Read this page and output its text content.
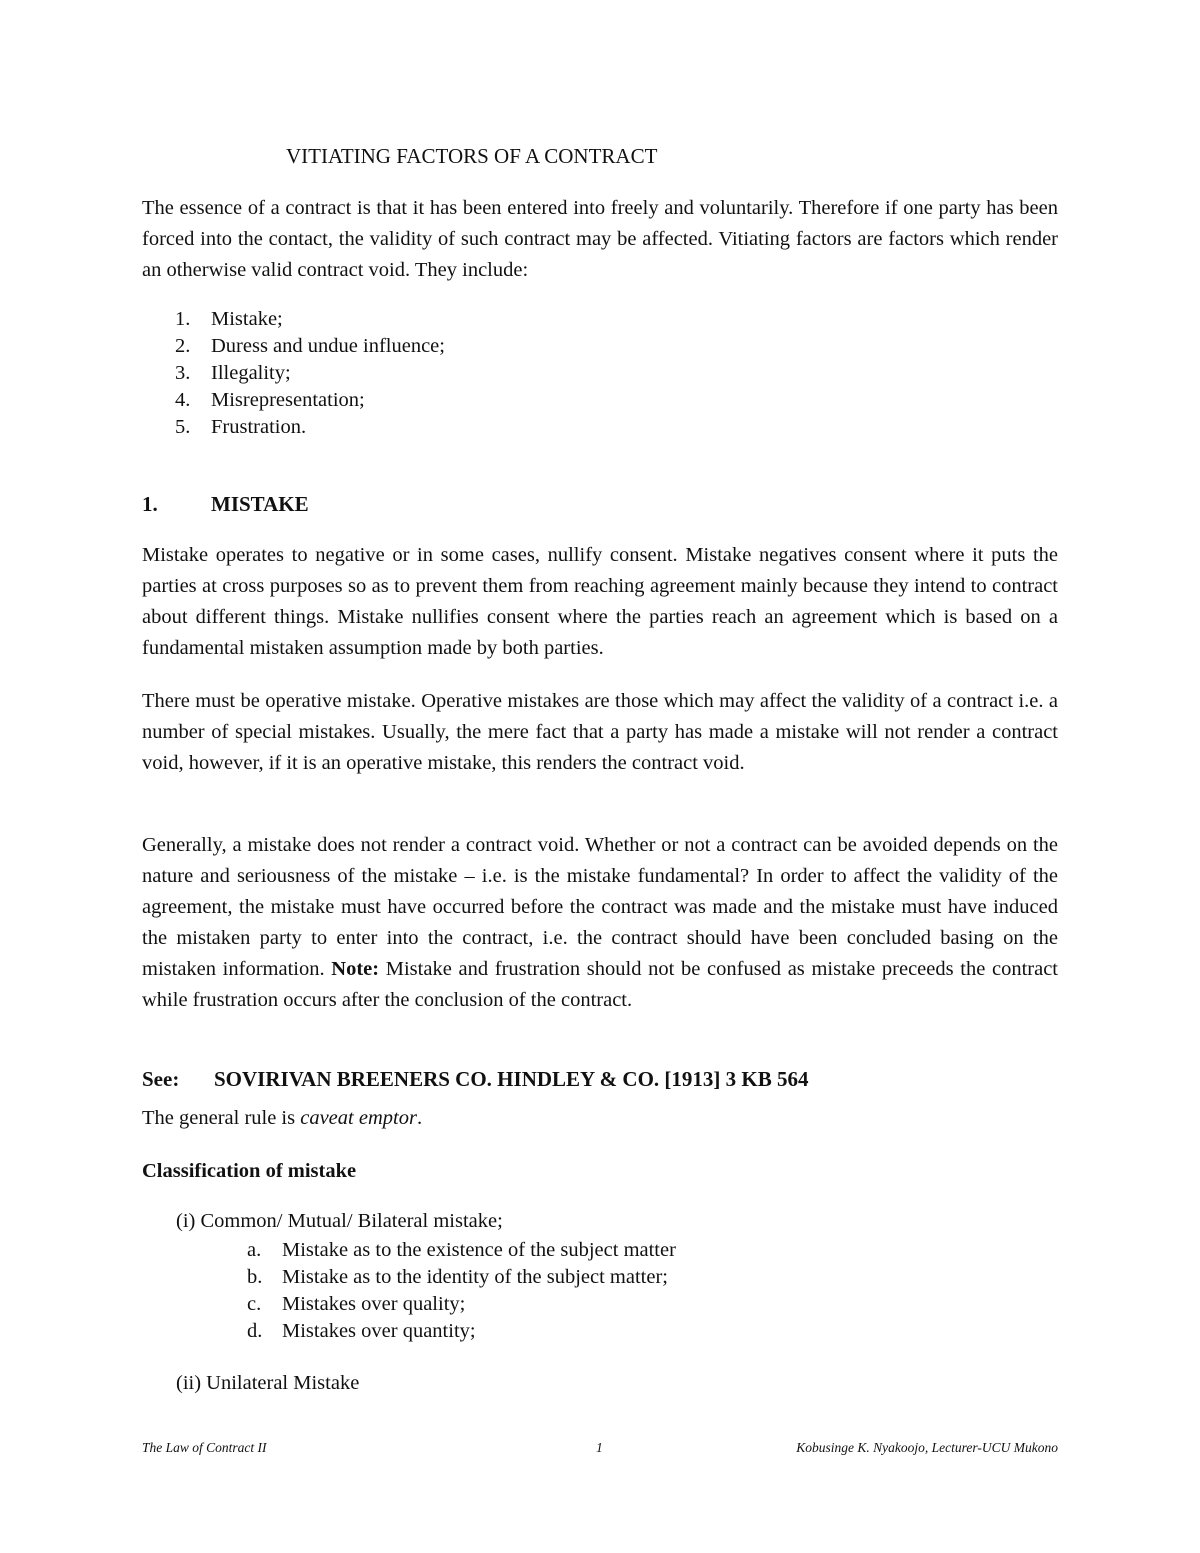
VITIATING FACTORS OF A CONTRACT

The essence of a contract is that it has been entered into freely and voluntarily. Therefore if one party has been forced into the contact, the validity of such contract may be affected. Vitiating factors are factors which render an otherwise valid contract void. They include:

1. Mistake;
2. Duress and undue influence;
3. Illegality;
4. Misrepresentation;
5. Frustration.
1.	MISTAKE

Mistake operates to negative or in some cases, nullify consent. Mistake negatives consent where it puts the parties at cross purposes so as to prevent them from reaching agreement mainly because they intend to contract about different things. Mistake nullifies consent where the parties reach an agreement which is based on a fundamental mistaken assumption made by both parties.

There must be operative mistake. Operative mistakes are those which may affect the validity of a contract i.e. a number of special mistakes. Usually, the mere fact that a party has made a mistake will not render a contract void, however, if it is an operative mistake, this renders the contract void.

Generally, a mistake does not render a contract void. Whether or not a contract can be avoided depends on the nature and seriousness of the mistake – i.e. is the mistake fundamental? In order to affect the validity of the agreement, the mistake must have occurred before the contract was made and the mistake must have induced the mistaken party to enter into the contract, i.e. the contract should have been concluded basing on the mistaken information. Note: Mistake and frustration should not be confused as mistake preceeds the contract while frustration occurs after the conclusion of the contract.

See: SOVIRIVAN BREENERS CO. HINDLEY & CO. [1913] 3 KB 564

The general rule is caveat emptor.

Classification of mistake

(i) Common/ Mutual/ Bilateral mistake;

a. Mistake as to the existence of the subject matter
b. Mistake as to the identity of the subject matter;
c. Mistakes over quality;
d. Mistakes over quantity;

(ii) Unilateral Mistake

The Law of Contract II	1	Kobusinge K. Nyakoojo, Lecturer-UCU Mukono
